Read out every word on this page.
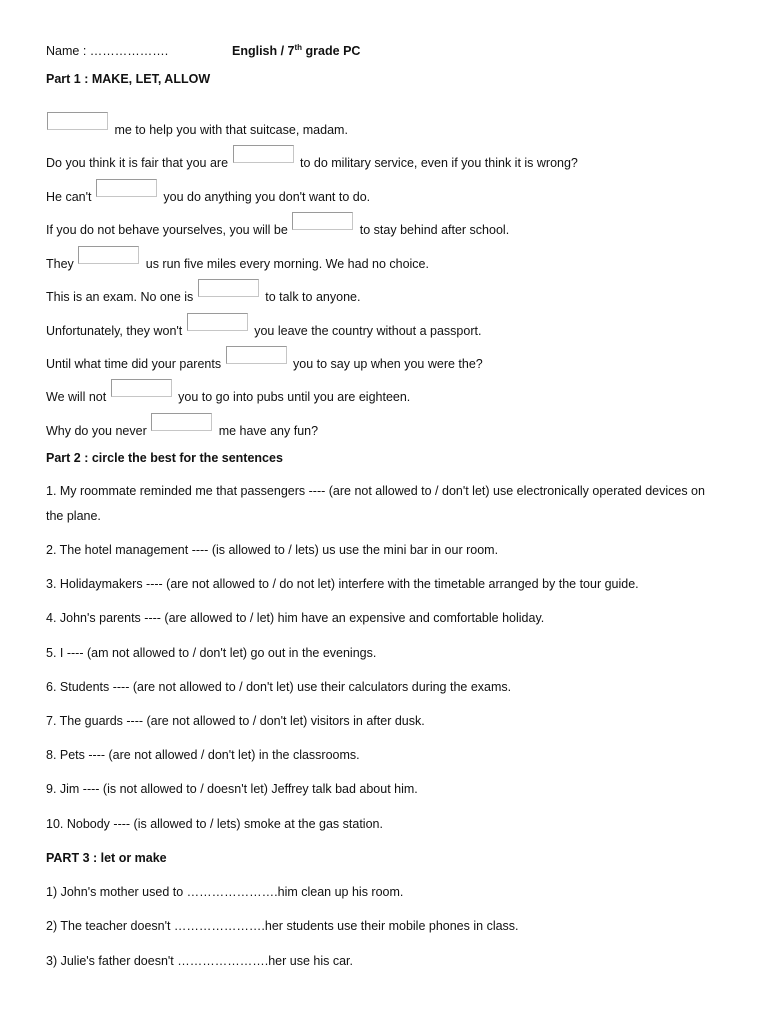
Name : ……………….	English / 7th grade PC
Part 1 : MAKE, LET, ALLOW
me to help you with that suitcase, madam.
Do you think it is fair that you are	to do military service, even if you think it is wrong?
He can't	you do anything you don't want to do.
If you do not behave yourselves, you will be	to stay behind after school.
They	us run five miles every morning. We had no choice.
This is an exam. No one is	to talk to anyone.
Unfortunately, they won't	you leave the country without a passport.
Until what time did your parents	you to say up when you were the?
We will not	you to go into pubs until you are eighteen.
Why do you never	me have any fun?
Part 2 : circle the best for the sentences
1. My roommate reminded me that passengers ---- (are not allowed to / don't let) use electronically operated devices on the plane.
2. The hotel management ---- (is allowed to / lets) us use the mini bar in our room.
3. Holidaymakers ---- (are not allowed to / do not let) interfere with the timetable arranged by the tour guide.
4. John's parents ---- (are allowed to / let) him have an expensive and comfortable holiday.
5. I ---- (am not allowed to / don't let) go out in the evenings.
6. Students ---- (are not allowed to / don't let) use their calculators during the exams.
7. The guards ---- (are not allowed to / don't let) visitors in after dusk.
8. Pets ---- (are not allowed / don't let) in the classrooms.
9. Jim ---- (is not allowed to / doesn't let) Jeffrey talk bad about him.
10. Nobody ---- (is allowed to / lets) smoke at the gas station.
PART 3 : let or make
1) John's mother used to ………………….him clean up his room.
2) The teacher doesn't ………………….her students use their mobile phones in class.
3) Julie's father doesn't ………………….her use his car.
